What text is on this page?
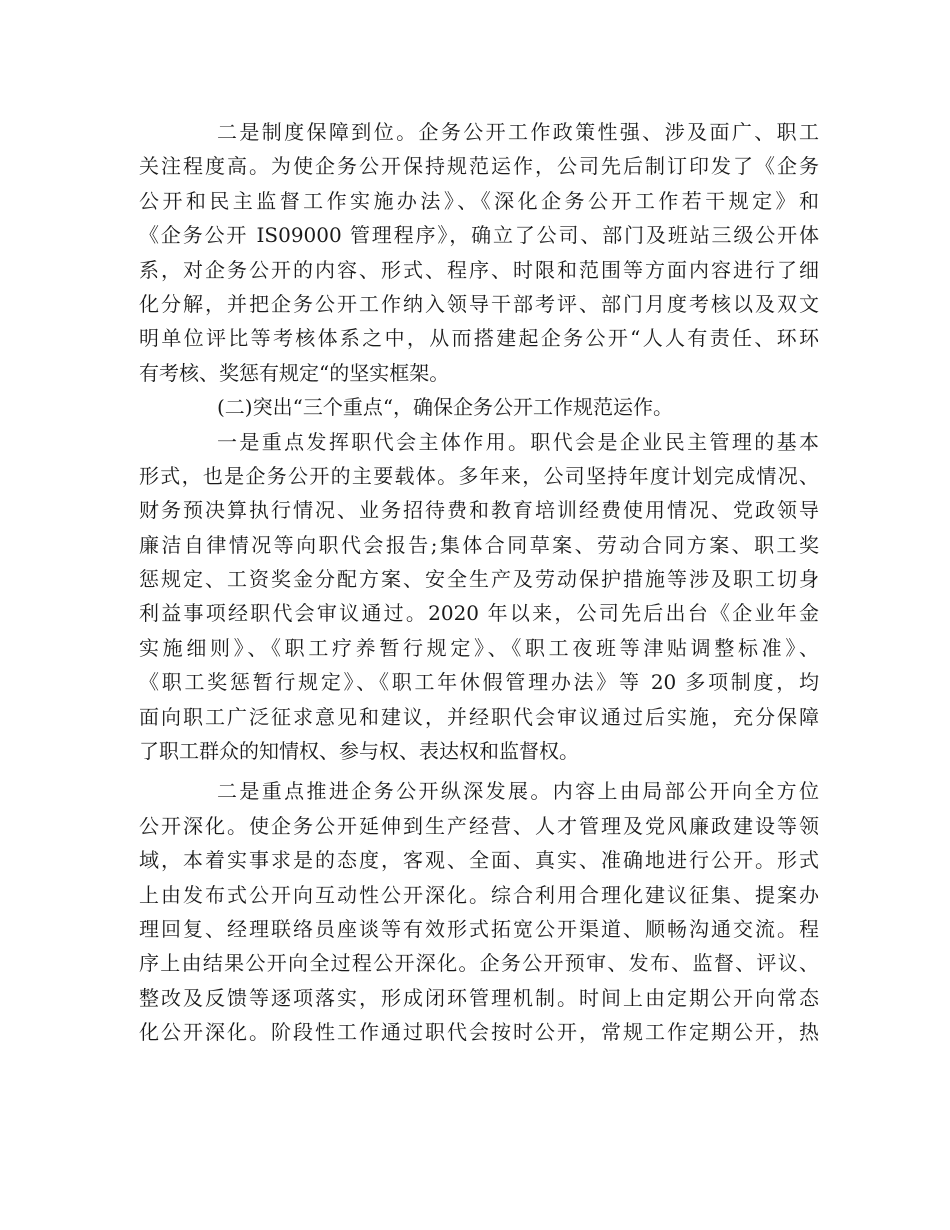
二是制度保障到位。企务公开工作政策性强、涉及面广、职工
关注程度高。为使企务公开保持规范运作，公司先后制订印发了《企务
公开和民主监督工作实施办法》、《深化企务公开工作若干规定》和
《企务公开 IS09000 管理程序》，确立了公司、部门及班站三级公开体
系，对企务公开的内容、形式、程序、时限和范围等方面内容进行了细
化分解，并把企务公开工作纳入领导干部考评、部门月度考核以及双文
明单位评比等考核体系之中，从而搭建起企务公开“人人有责任、环环
有考核、奖惩有规定“的坚实框架。
(二)突出“三个重点“，确保企务公开工作规范运作。
一是重点发挥职代会主体作用。职代会是企业民主管理的基本
形式，也是企务公开的主要载体。多年来，公司坚持年度计划完成情况、
财务预决算执行情况、业务招待费和教育培训经费使用情况、党政领导
廉洁自律情况等向职代会报告;集体合同草案、劳动合同方案、职工奖
惩规定、工资奖金分配方案、安全生产及劳动保护措施等涉及职工切身
利益事项经职代会审议通过。2020 年以来，公司先后出台《企业年金
实施细则》、《职工疗养暂行规定》、《职工夜班等津贴调整标准》、
《职工奖惩暂行规定》、《职工年休假管理办法》等 20 多项制度，均
面向职工广泛征求意见和建议，并经职代会审议通过后实施，充分保障
了职工群众的知情权、参与权、表达权和监督权。
二是重点推进企务公开纵深发展。内容上由局部公开向全方位
公开深化。使企务公开延伸到生产经营、人才管理及党风廉政建设等领
域，本着实事求是的态度，客观、全面、真实、准确地进行公开。形式
上由发布式公开向互动性公开深化。综合利用合理化建议征集、提案办
理回复、经理联络员座谈等有效形式拓宽公开渠道、顺畅沟通交流。程
序上由结果公开向全过程公开深化。企务公开预审、发布、监督、评议、
整改及反馈等逐项落实，形成闭环管理机制。时间上由定期公开向常态
化公开深化。阶段性工作通过职代会按时公开，常规工作定期公开，热
